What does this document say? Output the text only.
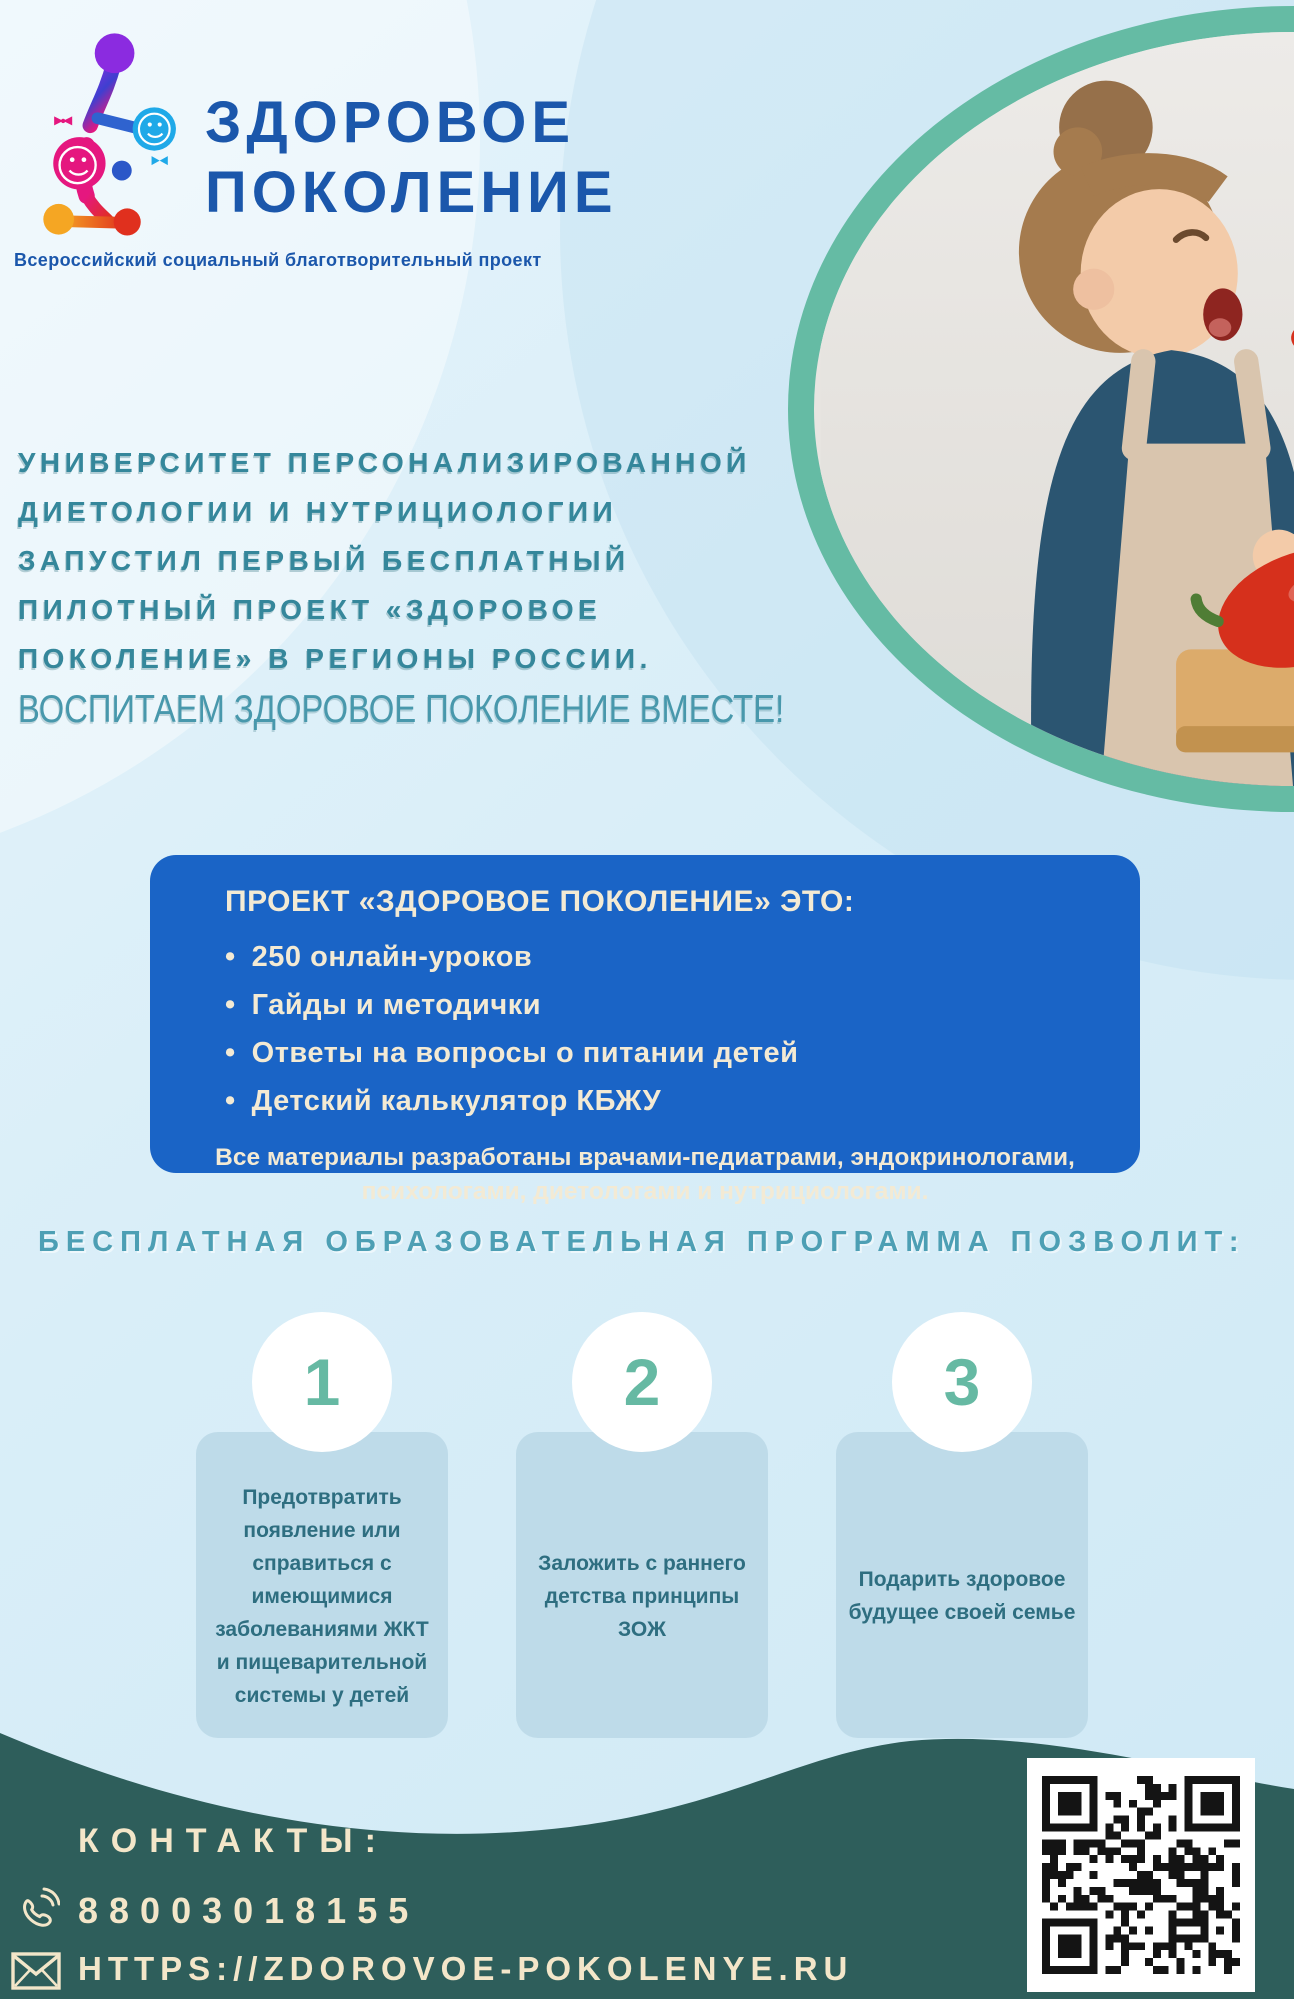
ЗДОРОВОЕ
ПОКОЛЕНИЕ
Всероссийский социальный благотворительный проект
УНИВЕРСИТЕТ ПЕРСОНАЛИЗИРОВАННОЙ
ДИЕТОЛОГИИ И НУТРИЦИОЛОГИИ
ЗАПУСТИЛ ПЕРВЫЙ БЕСПЛАТНЫЙ
ПИЛОТНЫЙ ПРОЕКТ «ЗДОРОВОЕ
ПОКОЛЕНИЕ» В РЕГИОНЫ РОССИИ.
ВОСПИТАЕМ ЗДОРОВОЕ ПОКОЛЕНИЕ ВМЕСТЕ!
ПРОЕКТ «ЗДОРОВОЕ ПОКОЛЕНИЕ» ЭТО:
• 250 онлайн-уроков
• Гайды и методички
• Ответы на вопросы о питании детей
• Детский калькулятор КБЖУ
Все материалы разработаны врачами-педиатрами, эндокринологами,
психологами, диетологами и нутрициологами.
БЕСПЛАТНАЯ ОБРАЗОВАТЕЛЬНАЯ ПРОГРАММА ПОЗВОЛИТ:
Предотвратить появление или справиться с имеющимися заболеваниями ЖКТ и пищеварительной системы у детей
Заложить с раннего детства принципы ЗОЖ
Подарить здоровое будущее своей семье
1	2	3
КОНТАКТЫ:
88003018155
HTTPS://ZDOROVOE-POKOLENYE.RU
